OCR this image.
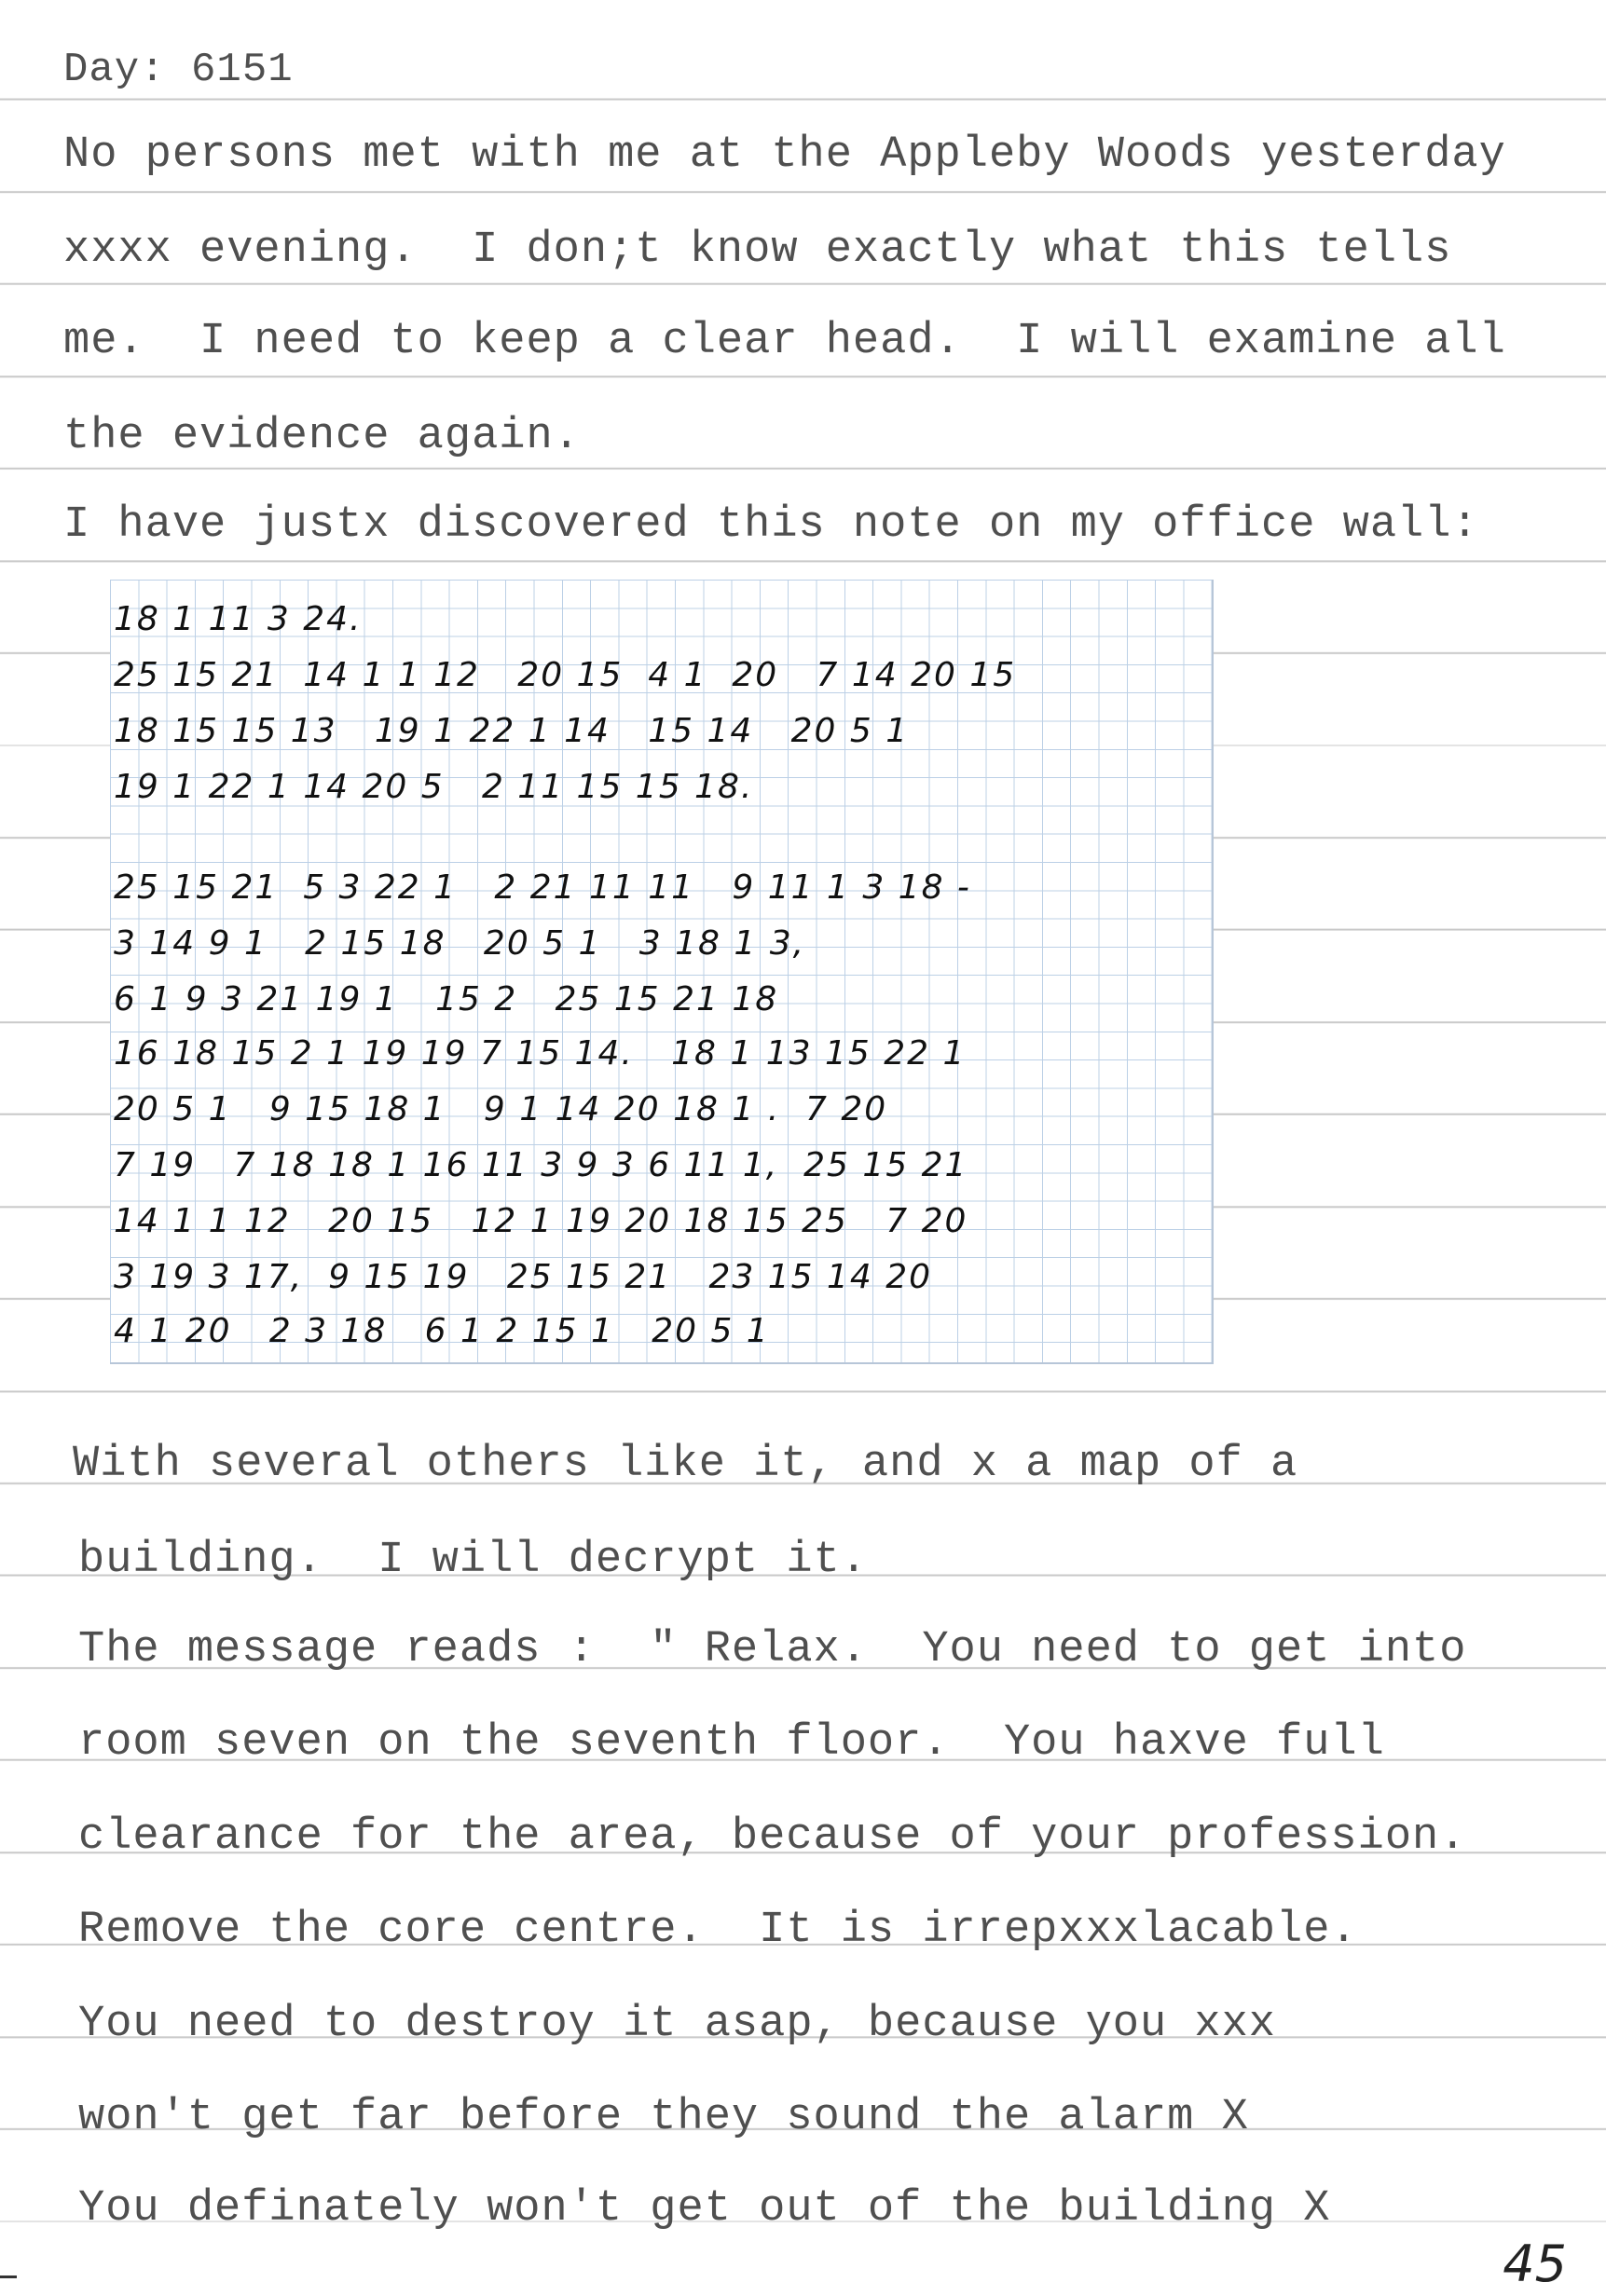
Day: 6151
No persons met with me at the Appleby Woods yesterday
xxxx evening.  I don;t know exactly what this tells
me.  I need to keep a clear head.  I will examine all
the evidence again.
I have justx discovered this note on my office wall:
18 1 11 3 24.
25 15 21  14 1 1 12   20 15  4 1  20   7 14 20 15
18 15 15 13   19 1 22 1 14   15 14   20 5 1
19 1 22 1 14 20 5   2 11 15 15 18.
25 15 21  5 3 22 1   2 21 11 11   9 11 1 3 18 -
3 14 9 1   2 15 18   20 5 1   3 18 1 3,
6 1 9 3 21 19 1   15 2   25 15 21 18
16 18 15 2 1 19 19 7 15 14.   18 1 13 15 22 1
20 5 1   9 15 18 1   9 1 14 20 18 1 .  7 20
7 19   7 18 18 1 16 11 3 9 3 6 11 1,  25 15 21
14 1 1 12   20 15   12 1 19 20 18 15 25   7 20
3 19 3 17,  9 15 19   25 15 21   23 15 14 20
4 1 20   2 3 18   6 1 2 15 1   20 5 1
With several others like it, and x a map of a
building.  I will decrypt it.
The message reads :  " Relax.  You need to get into
room seven on the seventh floor.  You haxve full
clearance for the area, because of your profession.
Remove the core centre.  It is irrepxxxlacable.
You need to destroy it asap, because you xxx
won't get far before they sound the alarm X
You definately won't get out of the building X
45
